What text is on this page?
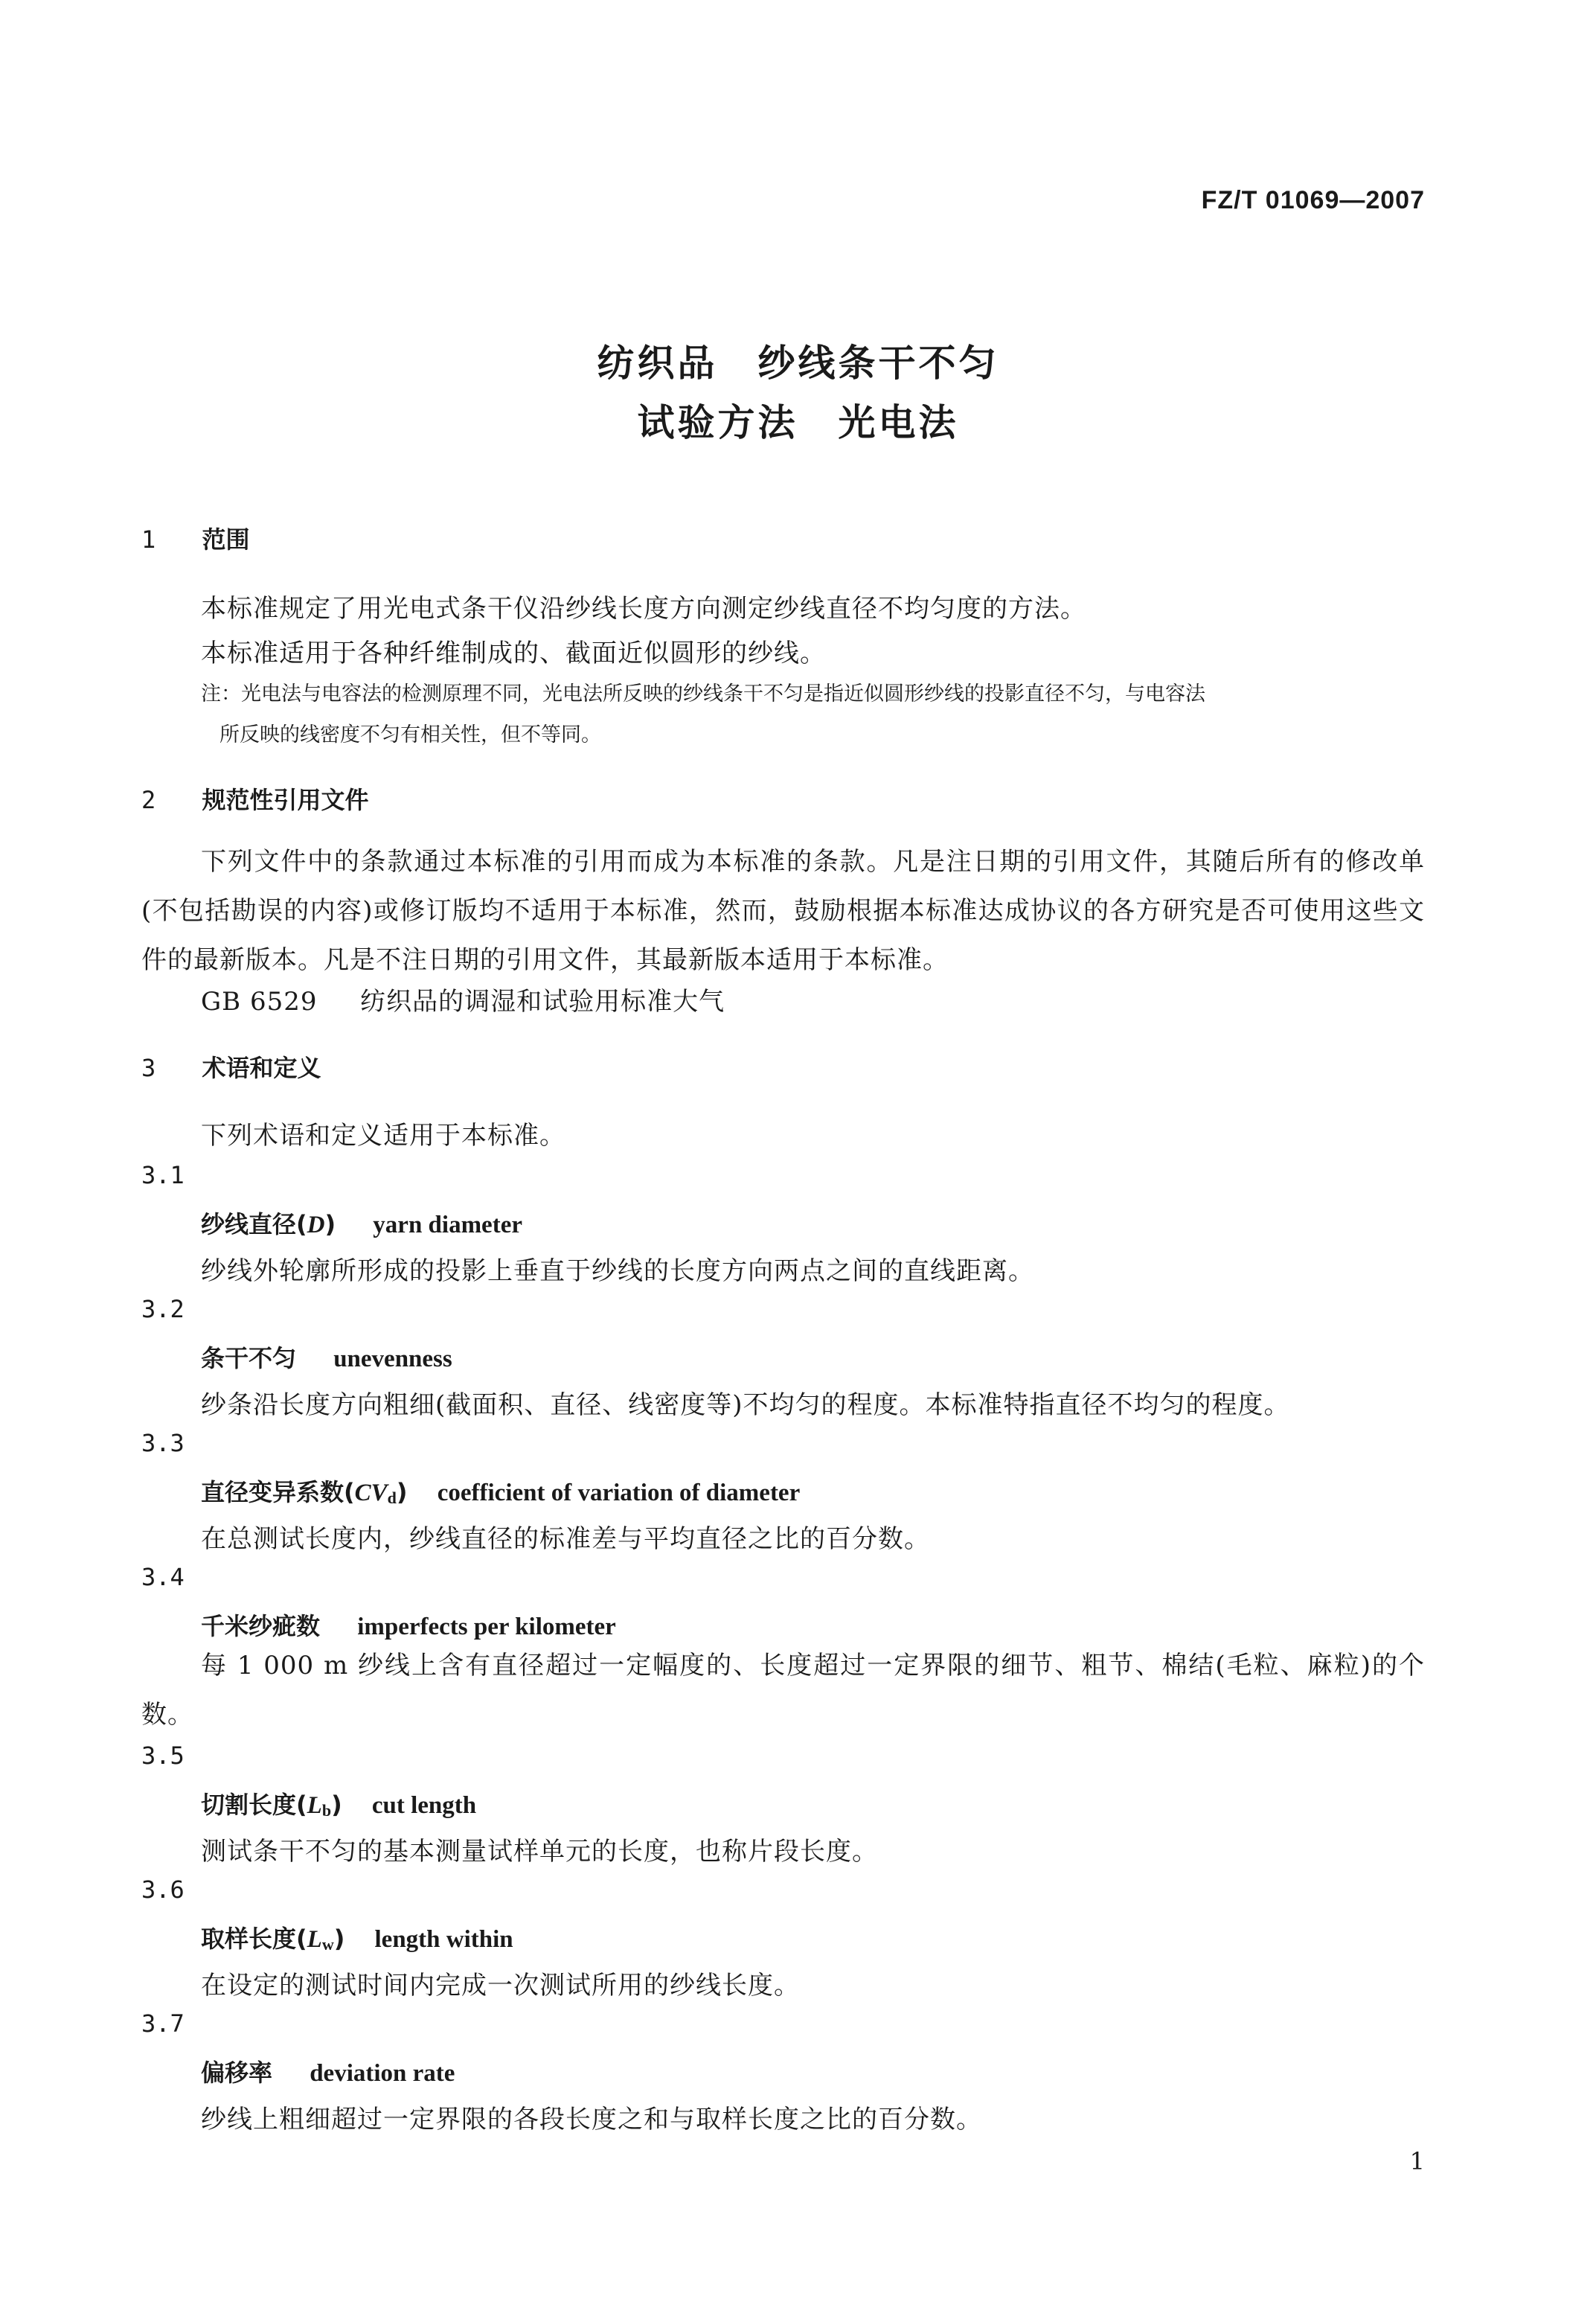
FZ/T 01069—2007
纺织品　纱线条干不匀
试验方法　光电法
1 范围
本标准规定了用光电式条干仪沿纱线长度方向测定纱线直径不均匀度的方法。
本标准适用于各种纤维制成的、截面近似圆形的纱线。
注：光电法与电容法的检测原理不同，光电法所反映的纱线条干不匀是指近似圆形纱线的投影直径不匀，与电容法
所反映的线密度不匀有相关性，但不等同。
2 规范性引用文件

下列文件中的条款通过本标准的引用而成为本标准的条款。凡是注日期的引用文件，其随后所有的修改单(不包括勘误的内容)或修订版均不适用于本标准，然而，鼓励根据本标准达成协议的各方研究是否可使用这些文件的最新版本。凡是不注日期的引用文件，其最新版本适用于本标准。

GB 6529 纺织品的调湿和试验用标准大气
3 术语和定义
下列术语和定义适用于本标准。
3.1
纱线直径(D) yarn diameter
纱线外轮廓所形成的投影上垂直于纱线的长度方向两点之间的直线距离。
3.2
条干不匀 unevenness
纱条沿长度方向粗细(截面积、直径、线密度等)不均匀的程度。本标准特指直径不均匀的程度。
3.3
直径变异系数$(CV_d)$ coefficient of variation of diameter
在总测试长度内，纱线直径的标准差与平均直径之比的百分数。
3.4
千米纱疵数 imperfects per kilometer

每 1 000 m 纱线上含有直径超过一定幅度的、长度超过一定界限的细节、粗节、棉结(毛粒、麻粒)的个数。

3.5
切割长度$(L_b)$ cut length
测试条干不匀的基本测量试样单元的长度，也称片段长度。
3.6
取样长度$(L_w)$ length within
在设定的测试时间内完成一次测试所用的纱线长度。
3.7
偏移率 deviation rate
纱线上粗细超过一定界限的各段长度之和与取样长度之比的百分数。
1
